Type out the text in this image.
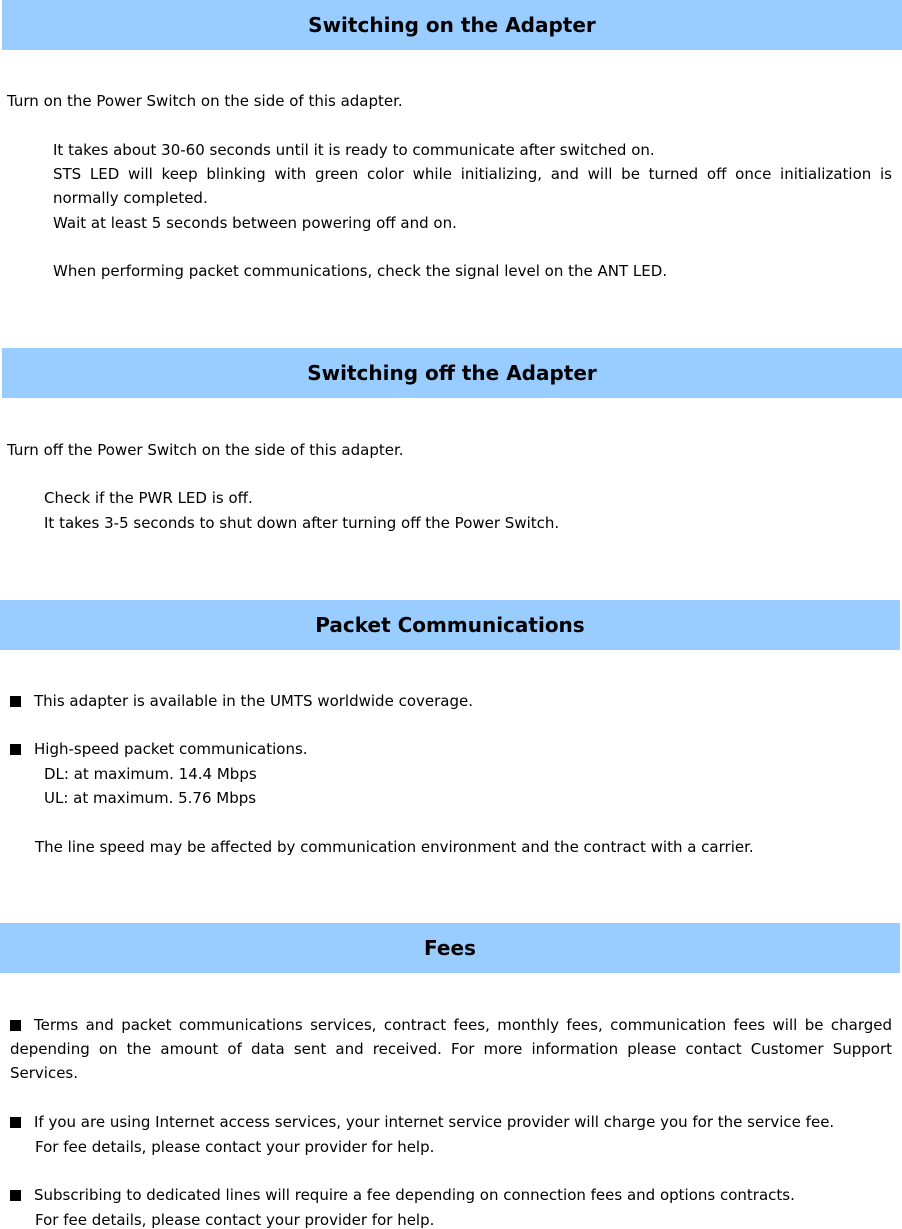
Switching on the Adapter
Turn on the Power Switch on the side of this adapter.
It takes about 30-60 seconds until it is ready to communicate after switched on.
STS LED will keep blinking with green color while initializing, and will be turned off once initialization is normally completed.
Wait at least 5 seconds between powering off and on.
When performing packet communications, check the signal level on the ANT LED.
Switching off the Adapter
Turn off the Power Switch on the side of this adapter.
Check if the PWR LED is off.
It takes 3-5 seconds to shut down after turning off the Power Switch.
Packet Communications
This adapter is available in the UMTS worldwide coverage.
High-speed packet communications.
DL: at maximum. 14.4 Mbps
UL: at maximum. 5.76 Mbps
The line speed may be affected by communication environment and the contract with a carrier.
Fees
Terms and packet communications services, contract fees, monthly fees, communication fees will be charged depending on the amount of data sent and received. For more information please contact Customer Support Services.
If you are using Internet access services, your internet service provider will charge you for the service fee.
For fee details, please contact your provider for help.
Subscribing to dedicated lines will require a fee depending on connection fees and options contracts.
For fee details, please contact your provider for help.
